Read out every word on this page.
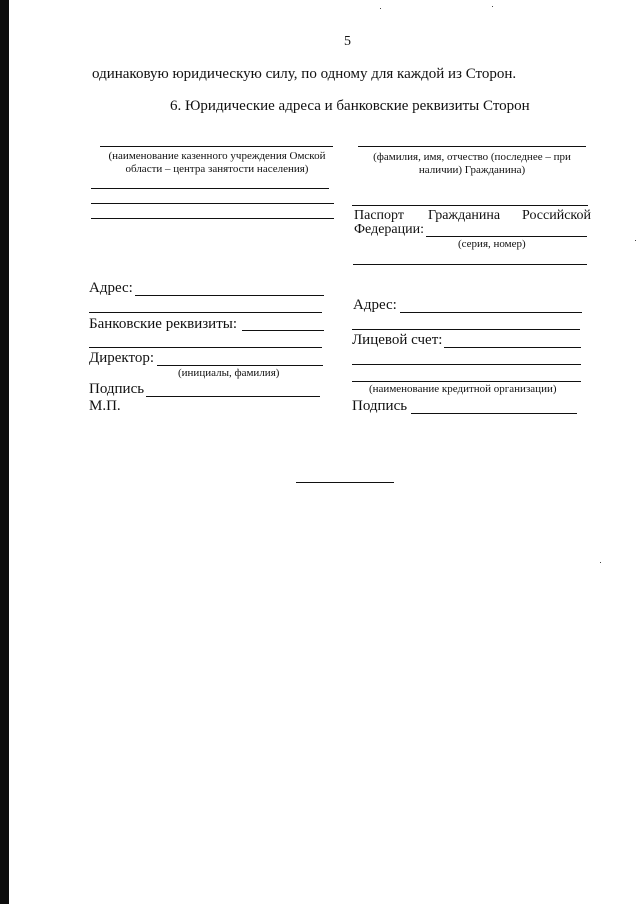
5
одинаковую юридическую силу, по одному для каждой из Сторон.
6. Юридические адреса и банковские реквизиты Сторон
(наименование казенного учреждения Омской
области – центра занятости населения)
Адрес:
Банковские реквизиты:
Директор:
(инициалы, фамилия)
Подпись
М.П.
(фамилия, имя, отчество (последнее – при
наличии) Гражданина)
Паспорт Гражданина Российской
Федерации:
(серия, номер)
Адрес:
Лицевой счет:
(наименование кредитной организации)
Подпись
